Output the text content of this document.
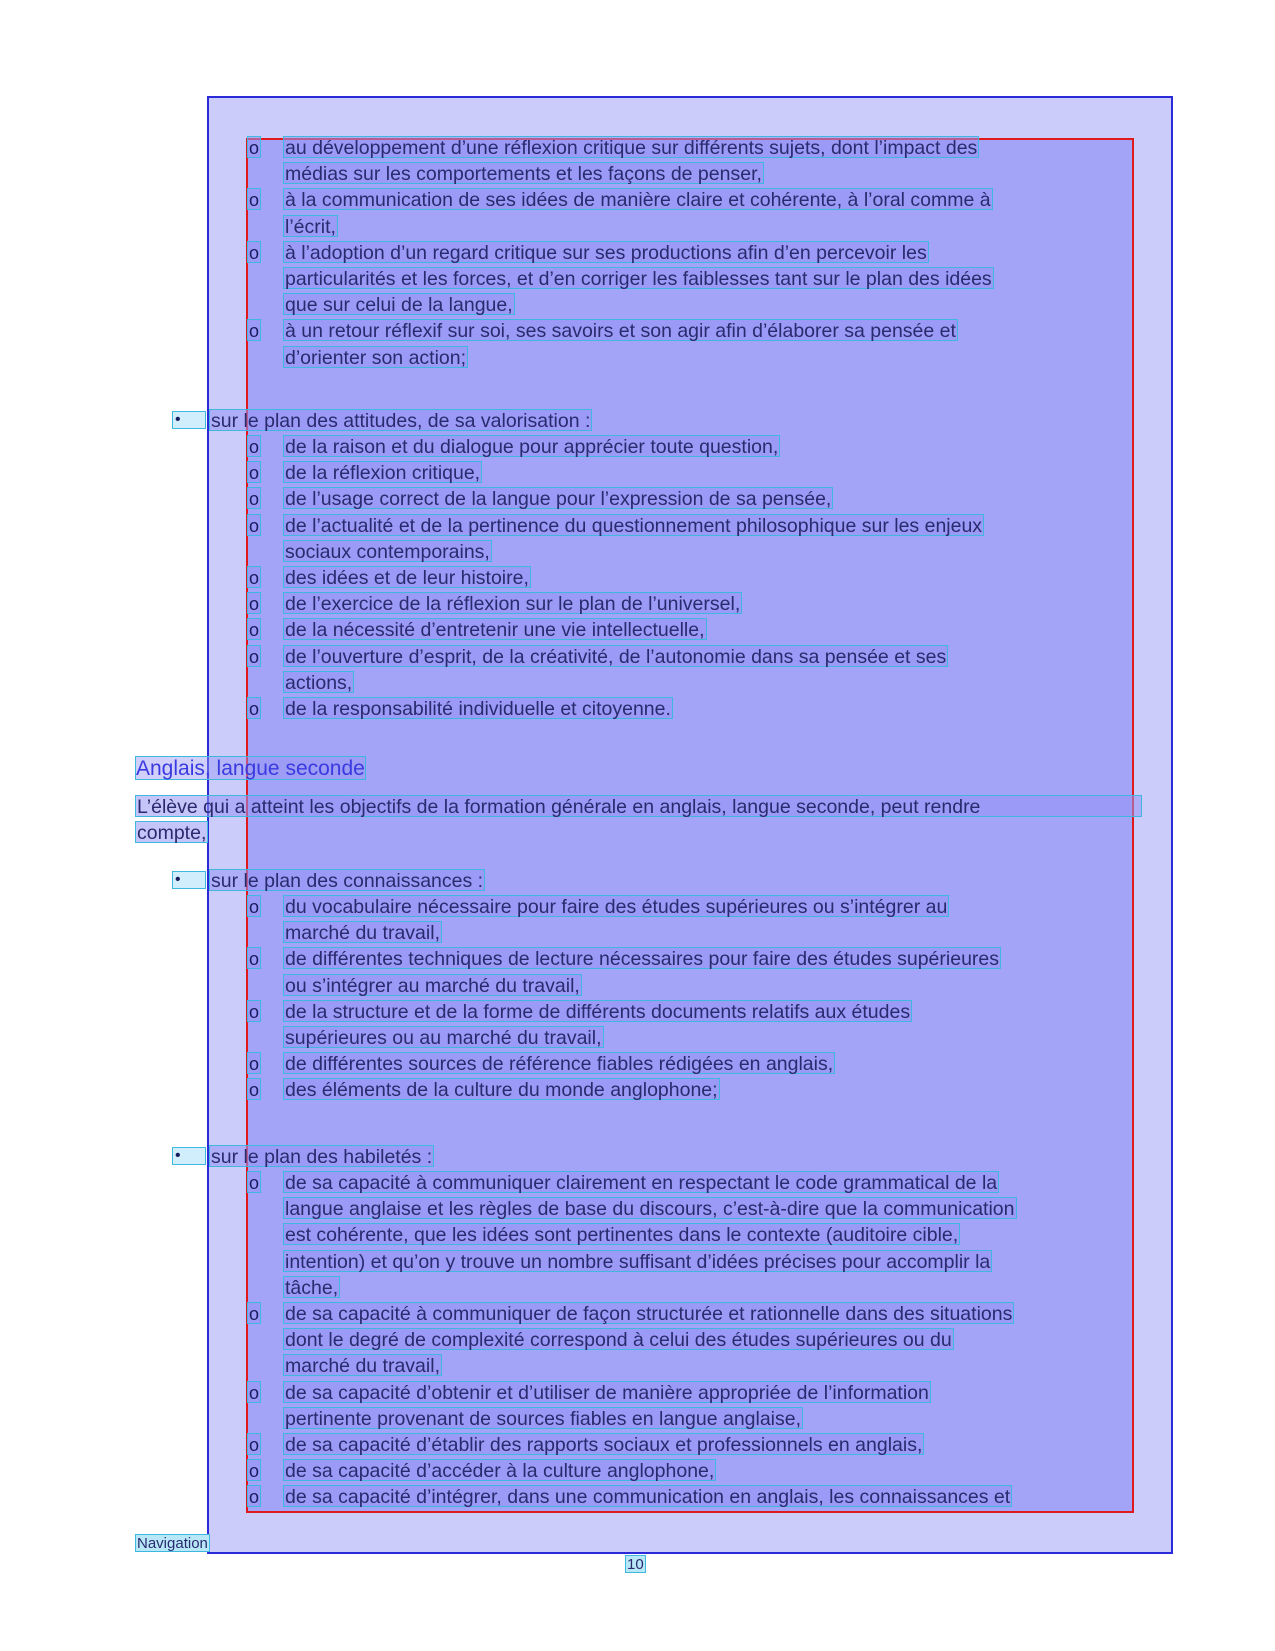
o au développement d’une réflexion critique sur différents sujets, dont l’impact des
médias sur les comportements et les façons de penser,
o à la communication de ses idées de manière claire et cohérente, à l’oral comme à
l’écrit,
o à l’adoption d’un regard critique sur ses productions afin d’en percevoir les
particularités et les forces, et d’en corriger les faiblesses tant sur le plan des idées
que sur celui de la langue,
o à un retour réflexif sur soi, ses savoirs et son agir afin d’élaborer sa pensée et
d’orienter son action;
•	sur le plan des attitudes, de sa valorisation :
o de la raison et du dialogue pour apprécier toute question,
o de la réflexion critique,
o de l’usage correct de la langue pour l’expression de sa pensée,
o de l’actualité et de la pertinence du questionnement philosophique sur les enjeux
sociaux contemporains,
o des idées et de leur histoire,
o de l’exercice de la réflexion sur le plan de l’universel,
o de la nécessité d’entretenir une vie intellectuelle,
o de l’ouverture d’esprit, de la créativité, de l’autonomie dans sa pensée et ses
actions,
o de la responsabilité individuelle et citoyenne.
Anglais, langue seconde
L’élève qui a atteint les objectifs de la formation générale en anglais, langue seconde, peut rendre
compte,
•	sur le plan des connaissances :
o du vocabulaire nécessaire pour faire des études supérieures ou s’intégrer au
marché du travail,
o de différentes techniques de lecture nécessaires pour faire des études supérieures
ou s’intégrer au marché du travail,
o de la structure et de la forme de différents documents relatifs aux études
supérieures ou au marché du travail,
o de différentes sources de référence fiables rédigées en anglais,
o des éléments de la culture du monde anglophone;
•	sur le plan des habiletés :
o de sa capacité à communiquer clairement en respectant le code grammatical de la
langue anglaise et les règles de base du discours, c’est-à-dire que la communication
est cohérente, que les idées sont pertinentes dans le contexte (auditoire cible,
intention) et qu’on y trouve un nombre suffisant d’idées précises pour accomplir la
tâche,
o de sa capacité à communiquer de façon structurée et rationnelle dans des situations
dont le degré de complexité correspond à celui des études supérieures ou du
marché du travail,
o de sa capacité d’obtenir et d’utiliser de manière appropriée de l’information
pertinente provenant de sources fiables en langue anglaise,
o de sa capacité d’établir des rapports sociaux et professionnels en anglais,
o de sa capacité d’accéder à la culture anglophone,
o de sa capacité d’intégrer, dans une communication en anglais, les connaissances et
Navigation
10
